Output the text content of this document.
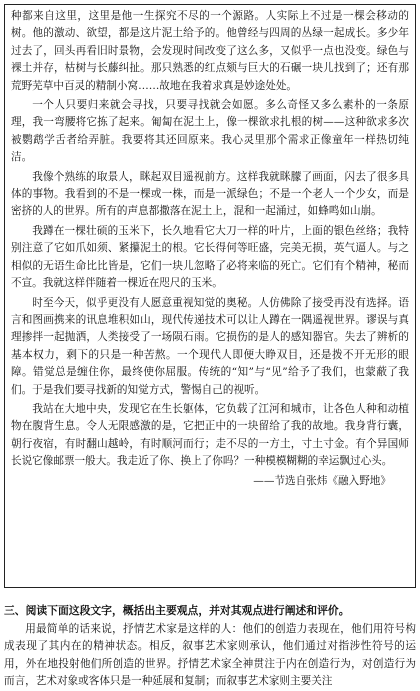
种都来自这里，这里是他一生探究不尽的一个源路。人实际上不过是一棵会移动的树。他的激动、欲望，都是这片泥土给予的。他曾经与四周的丛绿一起成长。多少年过去了，回头再看旧时景物，会发现时间改变了这么多，又似乎一点也没变。绿色与裸土并存，枯树与长藤纠扯。那只熟悉的红点颏与巨大的石碾一块儿找到了；还有那荒野芜草中百灵的精制小窝……故地在我着求真是妙途处处。

一个人只要归来就会寻找，只要寻找就会如愿。多么奇怪又多么素朴的一条原理，我一弯腰将它拣了起来。匍匐在泥土上，像一棵欲求扎根的树——这种欲求多次被鹦鹉学舌者给弄脏。我要将其还回原来。我心灵里那个需求正像童年一样热切纯洁。

我像个熟练的取景人，眯起双目遥视前方。这样我就眯朦了画面，闪去了很多具体的事物。我看到的不是一棵或一株，而是一派绿色；不是一个老人一个少女，而是密挤的人的世界。所有的声息都撒落在泥土上，混和一起涌过，如蜂鸣如山崩。

我蹲在一棵壮硕的玉米下，长久地看它大刀一样的叶片，上面的银色丝络；我特别注意了它如爪如须、紧攥泥土的根。它长得何等旺盛，完美无损，英气逼人。与之相似的无语生命比比皆是，它们一块儿忽略了必将来临的死亡。它们有个精神，秘而不宣。我就这样伴随着一棵近在咫尺的玉米。

时至今天，似乎更没有人愿意重视知觉的奥秘。人仿佛除了接受再没有选择。语言和图画携来的讯息堆积如山，现代传递技术可以让人蹲在一隅遥视世界。谬误与真理掺拌一起抛洒，人类接受了一场陨石雨。它损伤的是人的感知器官。失去了辨析的基本权力，剩下的只是一种苦熬。一个现代人即便大睁双目，还是拨不开无形的眼障。错觉总是缠住你，最终使你屈服。传统的“知”与“见”给予了我们，也蒙蔽了我们。于是我们要寻找新的知觉方式，警惕自己的视听。

我站在大地中央，发现它在生长躯体，它负载了江河和城市，让各色人种和动植物在腹背生息。令人无限感激的是，它把正中的一块留给了我的故地。我身背行囊，朝行夜宿，有时翻山越岭，有时顺河而行；走不尽的一方土，寸土寸金。有个异国师长说它像邮票一般大。我走近了你、换上了你吗？一种模模糊糊的幸运飘过心头。

——节选自张炜《融入野地》

三、阅读下面这段文字，概括出主要观点，并对其观点进行阐述和评价。

用最简单的话来说，抒情艺术家是这样的人：他们的创造力表现在，他们用符号构成表现了其内在的精神状态。相反，叙事艺术家则承认，他们通过对指涉性符号的运用，外在地投射他们所创造的世界。抒情艺术家全神贯注于内在创造行为，对创造行为而言，艺术对象或客体只是一种延展和复制；而叙事艺术家则主要关注
